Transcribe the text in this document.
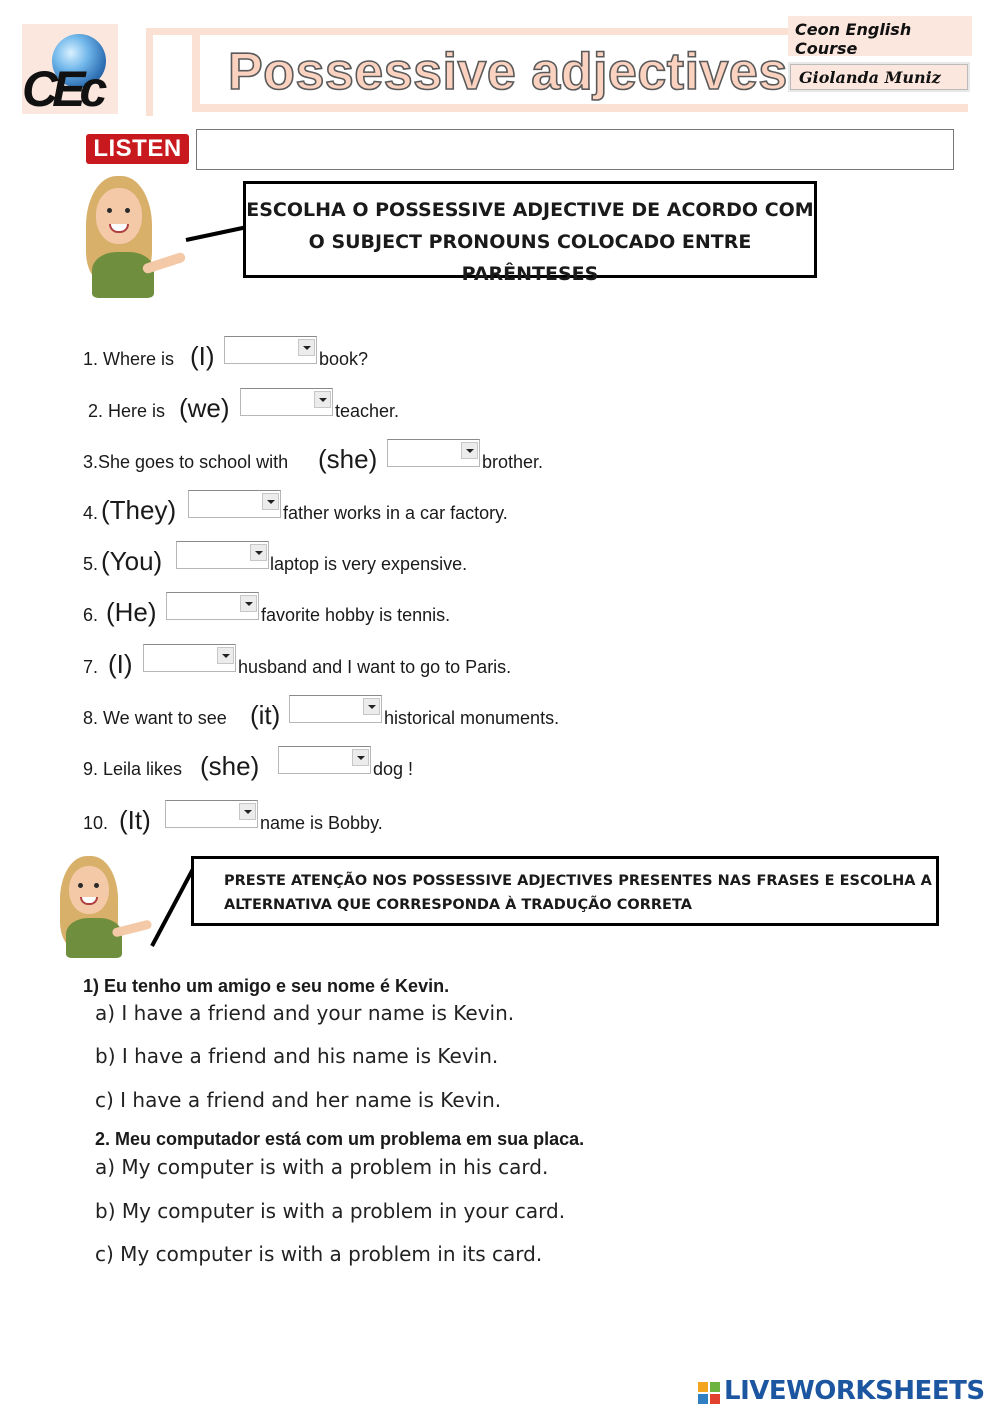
CEc Possessive adjectives
Ceon English Course
Giolanda Muniz
LISTEN
ESCOLHA O POSSESSIVE ADJECTIVE DE ACORDO COM
O SUBJECT PRONOUNS COLOCADO ENTRE PARÊNTESES
1. Where is (I)	book?
2. Here is (we)	teacher.
3.She goes to school with (she)	brother.
4. (They)	father works in a car factory.
5. (You)	laptop is very expensive.
6. (He)	favorite hobby is tennis.
7. (I)	husband and I want to go to Paris.
8. We want to see (it)	historical monuments.
9. Leila likes (she)	dog !
10. (It)	name is Bobby.
PRESTE ATENÇÃO NOS POSSESSIVE ADJECTIVES PRESENTES NAS FRASES E ESCOLHA A
ALTERNATIVA QUE CORRESPONDA À TRADUÇÃO CORRETA
1) Eu tenho um amigo e seu nome é Kevin.
a) I have a friend and your name is Kevin.
b) I have a friend and his name is Kevin.
c) I have a friend and her name is Kevin.
2. Meu computador está com um problema em sua placa.
a) My computer is with a problem in his card.
b) My computer is with a problem in your card.
c) My computer is with a problem in its card.
LIVEWORKSHEETS
